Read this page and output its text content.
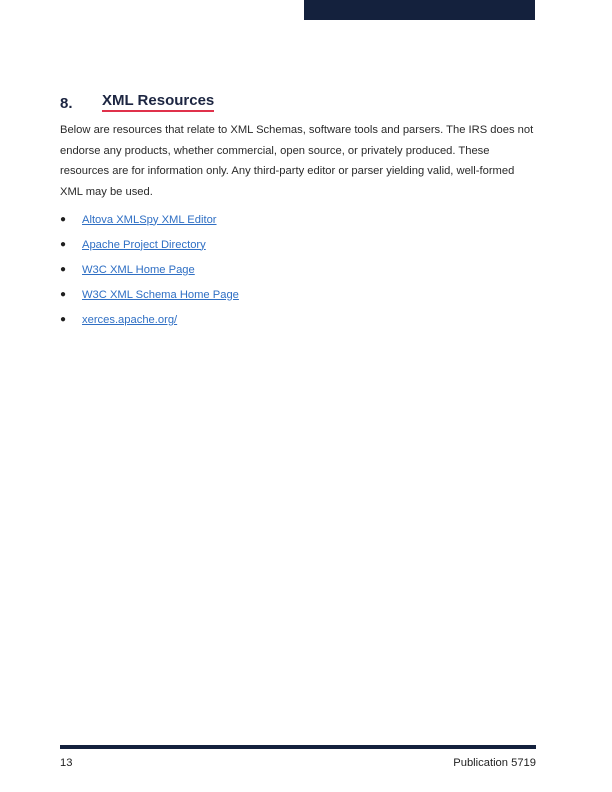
8.	XML Resources
Below are resources that relate to XML Schemas, software tools and parsers. The IRS does not endorse any products, whether commercial, open source, or privately produced. These resources are for information only. Any third-party editor or parser yielding valid, well-formed XML may be used.
●	Altova XMLSpy XML Editor
●	Apache Project Directory
●	W3C XML Home Page
●	W3C XML Schema Home Page
●	xerces.apache.org/
13	Publication 5719
